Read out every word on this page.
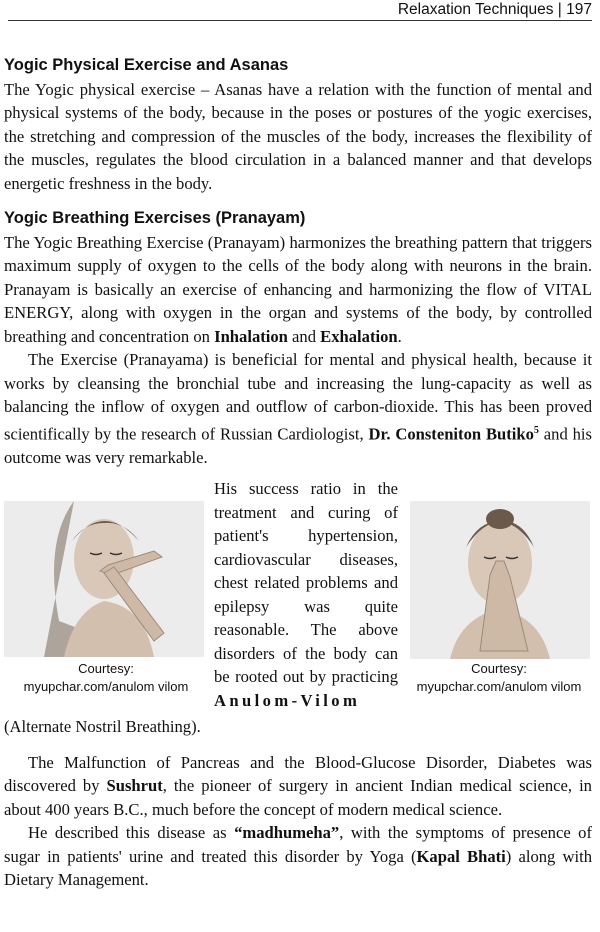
Relaxation Techniques | 197
Yogic Physical Exercise and Asanas

The Yogic physical exercise – Asanas have a relation with the function of mental and physical systems of the body, because in the poses or postures of the yogic exercises, the stretching and compression of the muscles of the body, increases the flexibility of the muscles, regulates the blood circulation in a balanced manner and that develops energetic freshness in the body.

Yogic Breathing Exercises (Pranayam)

The Yogic Breathing Exercise (Pranayam) harmonizes the breathing pattern that triggers maximum supply of oxygen to the cells of the body along with neurons in the brain. Pranayam is basically an exercise of enhancing and harmonizing the flow of VITAL ENERGY, along with oxygen in the organ and systems of the body, by controlled breathing and concentration on Inhalation and Exhalation.

The Exercise (Pranayama) is beneficial for mental and physical health, because it works by cleansing the bronchial tube and increasing the lung-capacity as well as balancing the inflow of oxygen and outflow of carbon-dioxide. This has been proved scientifically by the research of Russian Cardiologist, Dr. Consteniton Butiko$^5$ and his outcome was very remarkable.

Courtesy:
myupchar.com/anulom vilom
His success ratio in the treatment and curing of patient's hypertension, cardiovascular diseases, chest related problems and epilepsy was quite reasonable. The above disorders of the body can be rooted out by practicing Anulom-Vilom
Courtesy:
myupchar.com/anulom vilom

(Alternate Nostril Breathing).

The Malfunction of Pancreas and the Blood-Glucose Disorder, Diabetes was discovered by Sushrut, the pioneer of surgery in ancient Indian medical science, in about 400 years B.C., much before the concept of modern medical science.

He described this disease as “madhumeha”, with the symptoms of presence of sugar in patients' urine and treated this disorder by Yoga (Kapal Bhati) along with Dietary Management.
